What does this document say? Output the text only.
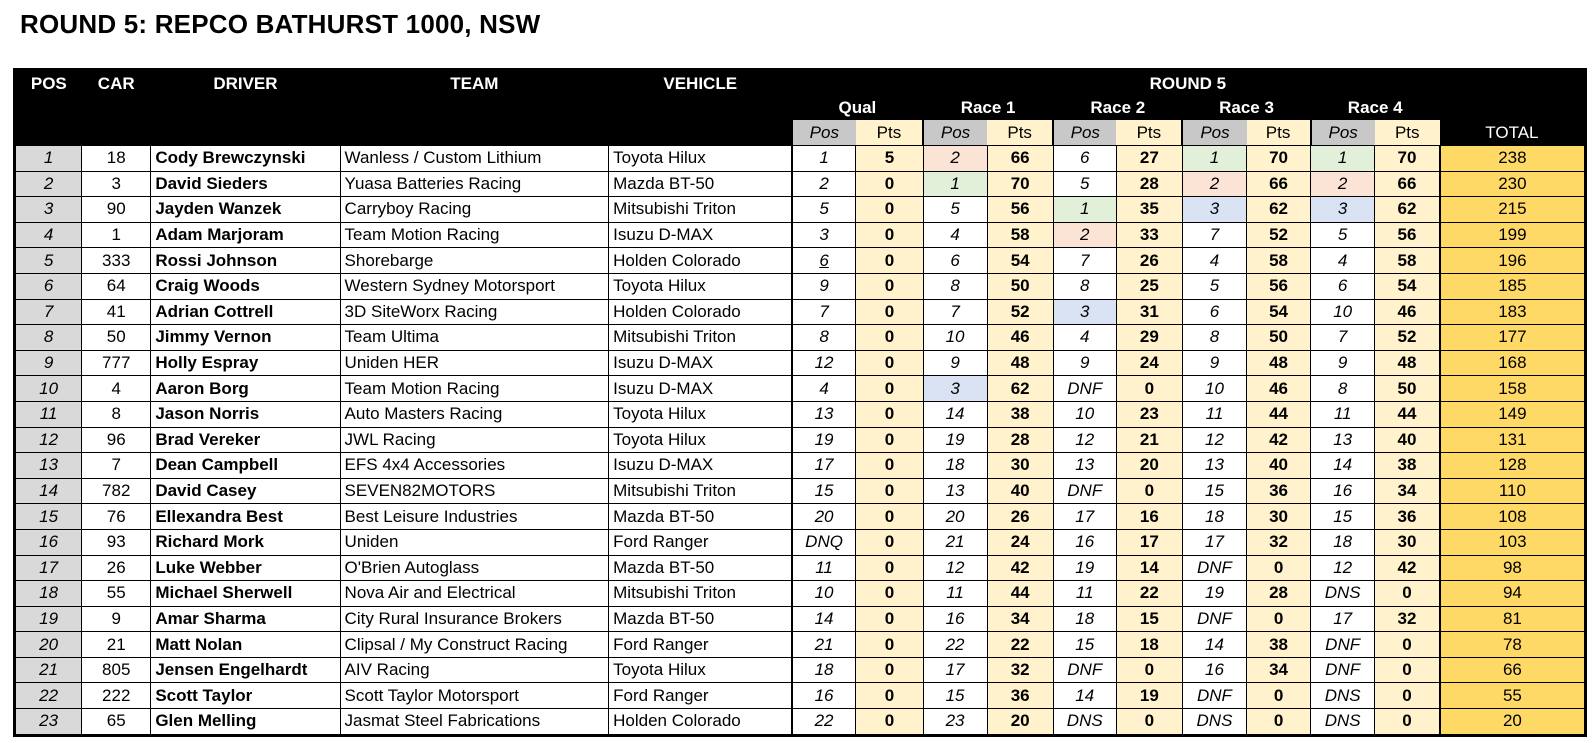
ROUND 5: REPCO BATHURST 1000, NSW
POS	CAR	DRIVER	TEAM	VEHICLE	ROUND 5										
					Qual		Race 1		Race 2		Race 3		Race 4		
					Pos	Pts	Pos	Pts	Pos	Pts	Pos	Pts	Pos	Pts	TOTAL
1	18	Cody Brewczynski	Wanless / Custom Lithium	Toyota Hilux	1	5	2	66	6	27	1	70	1	70	238
2	3	David Sieders	Yuasa Batteries Racing	Mazda BT-50	2	0	1	70	5	28	2	66	2	66	230
3	90	Jayden Wanzek	Carryboy Racing	Mitsubishi Triton	5	0	5	56	1	35	3	62	3	62	215
4	1	Adam Marjoram	Team Motion Racing	Isuzu D-MAX	3	0	4	58	2	33	7	52	5	56	199
5	333	Rossi Johnson	Shorebarge	Holden Colorado	6	0	6	54	7	26	4	58	4	58	196
6	64	Craig Woods	Western Sydney Motorsport	Toyota Hilux	9	0	8	50	8	25	5	56	6	54	185
7	41	Adrian Cottrell	3D SiteWorx Racing	Holden Colorado	7	0	7	52	3	31	6	54	10	46	183
8	50	Jimmy Vernon	Team Ultima	Mitsubishi Triton	8	0	10	46	4	29	8	50	7	52	177
9	777	Holly Espray	Uniden HER	Isuzu D-MAX	12	0	9	48	9	24	9	48	9	48	168
10	4	Aaron Borg	Team Motion Racing	Isuzu D-MAX	4	0	3	62	DNF	0	10	46	8	50	158
11	8	Jason Norris	Auto Masters Racing	Toyota Hilux	13	0	14	38	10	23	11	44	11	44	149
12	96	Brad Vereker	JWL Racing	Toyota Hilux	19	0	19	28	12	21	12	42	13	40	131
13	7	Dean Campbell	EFS 4x4 Accessories	Isuzu D-MAX	17	0	18	30	13	20	13	40	14	38	128
14	782	David Casey	SEVEN82MOTORS	Mitsubishi Triton	15	0	13	40	DNF	0	15	36	16	34	110
15	76	Ellexandra Best	Best Leisure Industries	Mazda BT-50	20	0	20	26	17	16	18	30	15	36	108
16	93	Richard Mork	Uniden	Ford Ranger	DNQ	0	21	24	16	17	17	32	18	30	103
17	26	Luke Webber	O'Brien Autoglass	Mazda BT-50	11	0	12	42	19	14	DNF	0	12	42	98
18	55	Michael Sherwell	Nova Air and Electrical	Mitsubishi Triton	10	0	11	44	11	22	19	28	DNS	0	94
19	9	Amar Sharma	City Rural Insurance Brokers	Mazda BT-50	14	0	16	34	18	15	DNF	0	17	32	81
20	21	Matt Nolan	Clipsal / My Construct Racing	Ford Ranger	21	0	22	22	15	18	14	38	DNF	0	78
21	805	Jensen Engelhardt	AIV Racing	Toyota Hilux	18	0	17	32	DNF	0	16	34	DNF	0	66
22	222	Scott Taylor	Scott Taylor Motorsport	Ford Ranger	16	0	15	36	14	19	DNF	0	DNS	0	55
23	65	Glen Melling	Jasmat Steel Fabrications	Holden Colorado	22	0	23	20	DNS	0	DNS	0	DNS	0	20
